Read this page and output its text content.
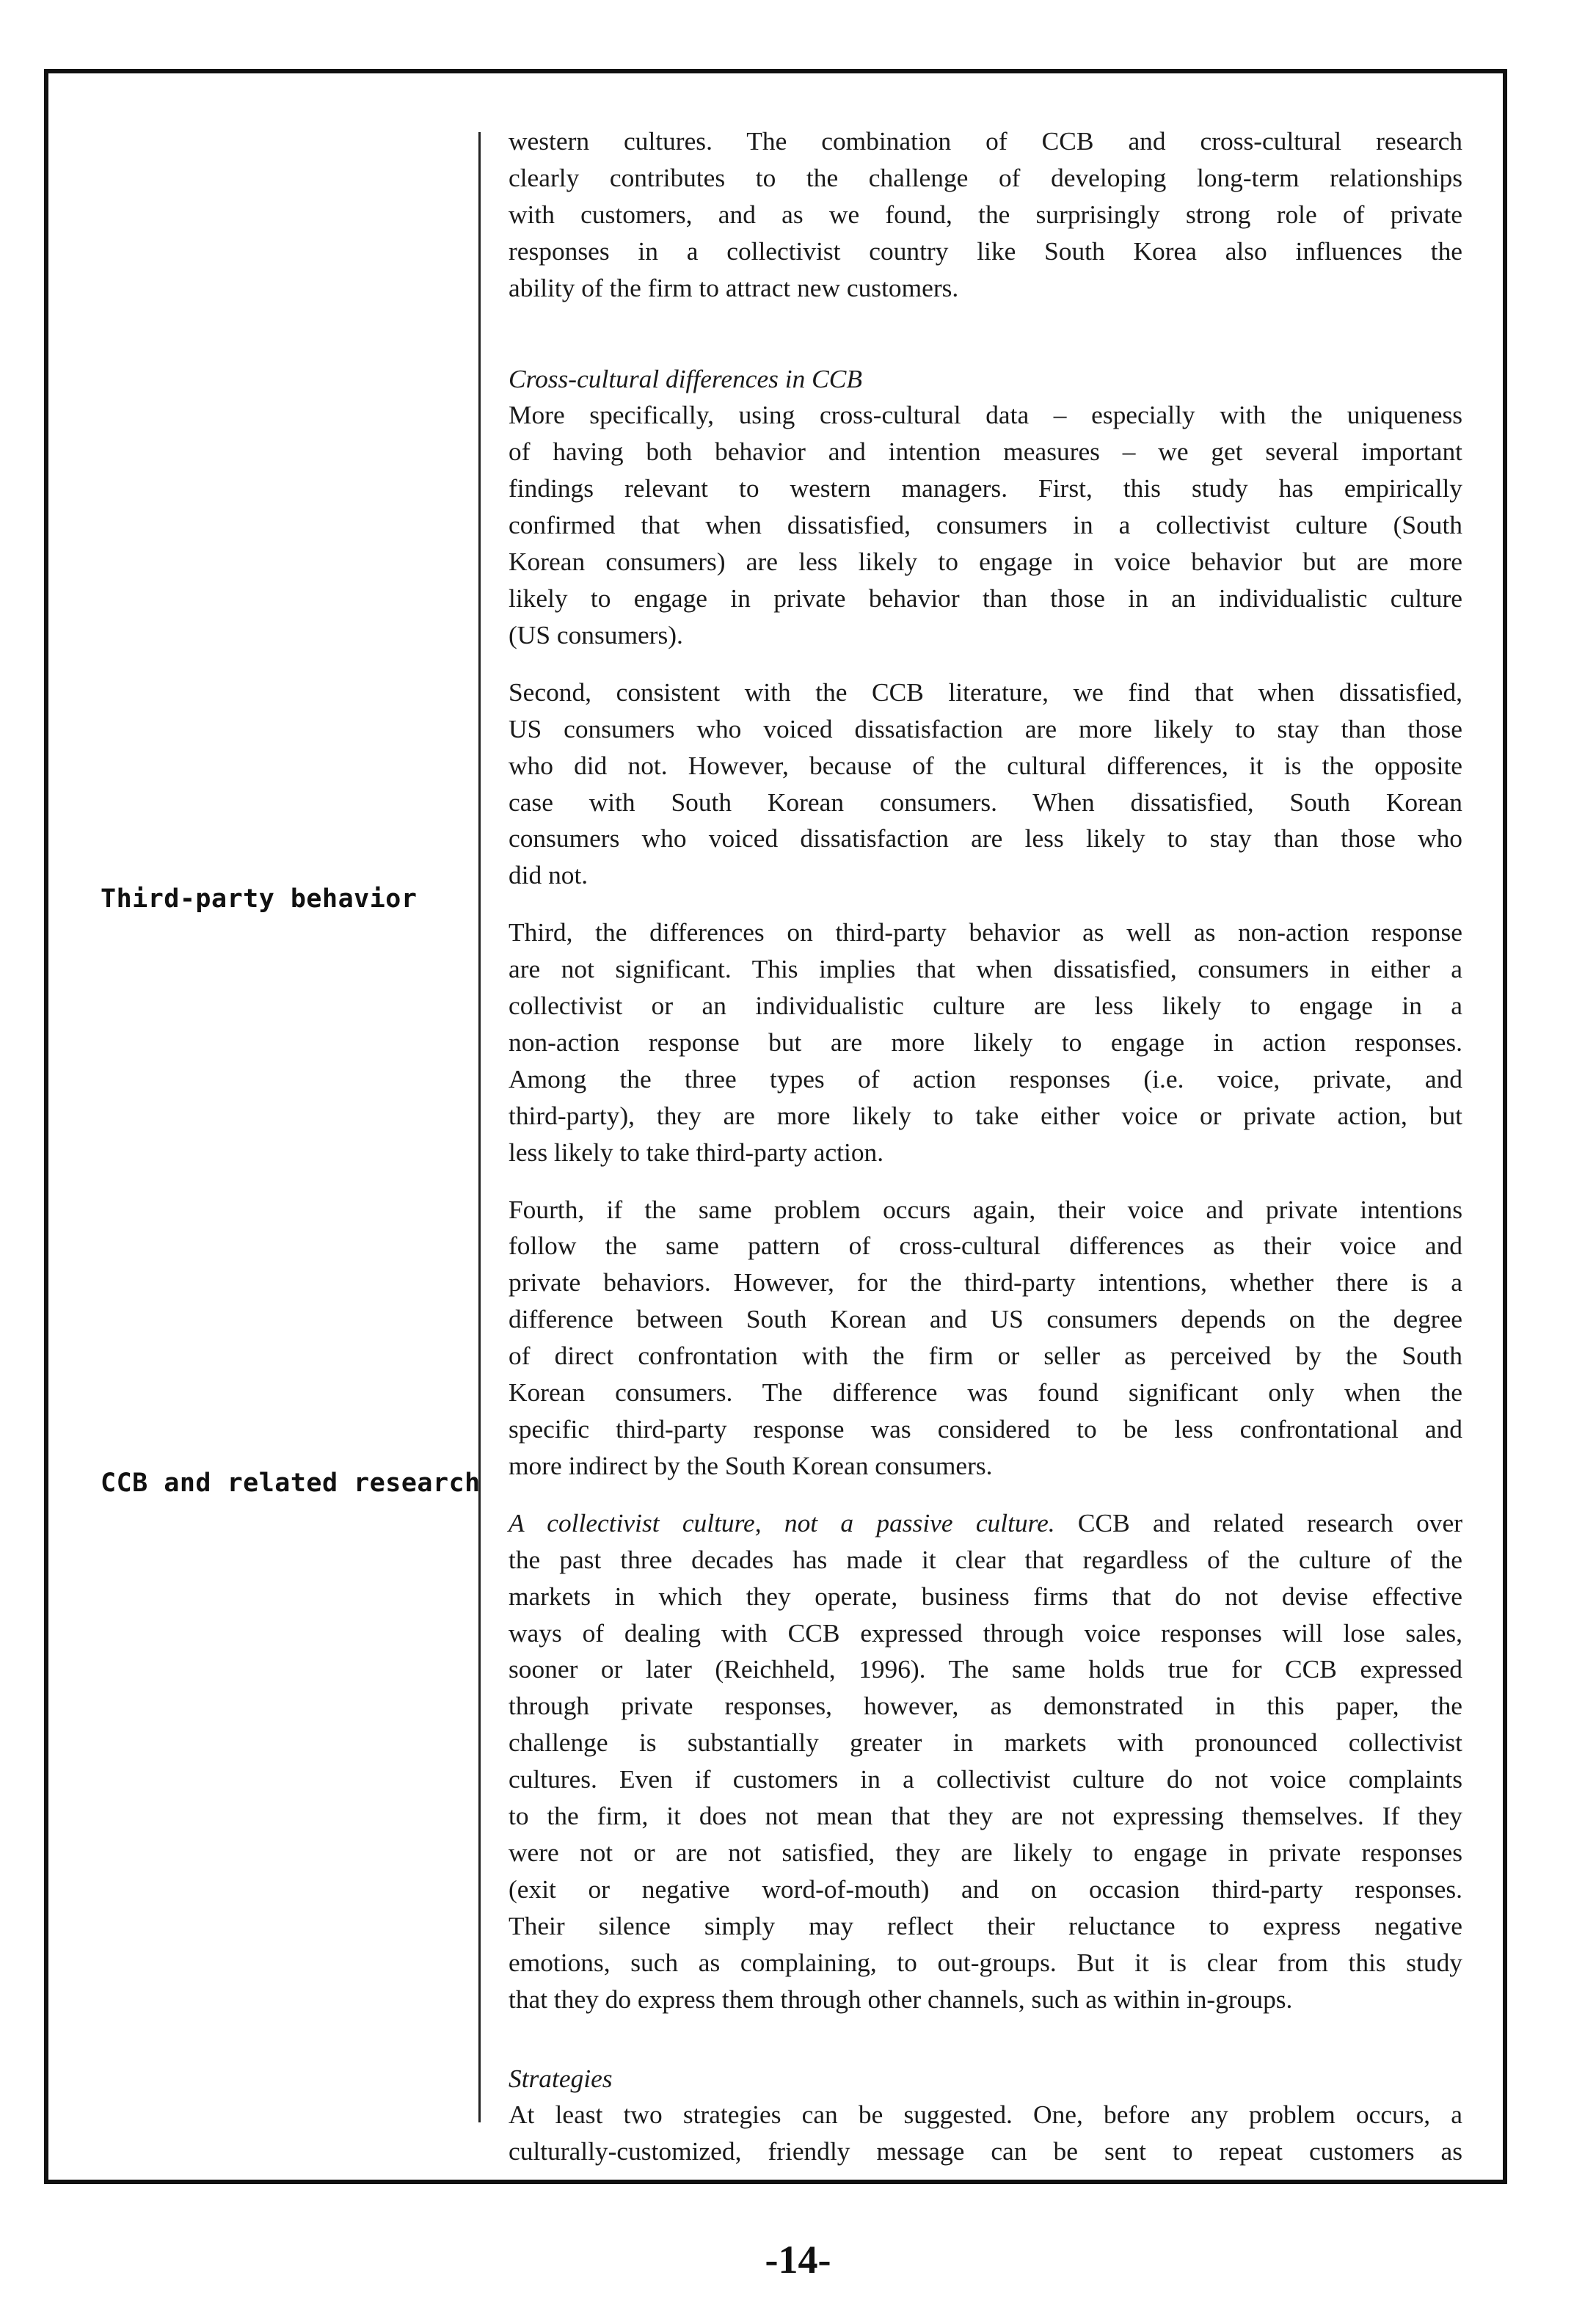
Third-party behavior
CCB and related research

western cultures. The combination of CCB and cross-cultural research
clearly contributes to the challenge of developing long-term relationships
with customers, and as we found, the surprisingly strong role of private
responses in a collectivist country like South Korea also influences the
ability of the firm to attract new customers.

Cross-cultural differences in CCB

More specifically, using cross-cultural data – especially with the uniqueness
of having both behavior and intention measures – we get several important
findings relevant to western managers. First, this study has empirically
confirmed that when dissatisfied, consumers in a collectivist culture (South
Korean consumers) are less likely to engage in voice behavior but are more
likely to engage in private behavior than those in an individualistic culture
(US consumers).

Second, consistent with the CCB literature, we find that when dissatisfied,
US consumers who voiced dissatisfaction are more likely to stay than those
who did not. However, because of the cultural differences, it is the opposite
case with South Korean consumers. When dissatisfied, South Korean
consumers who voiced dissatisfaction are less likely to stay than those who
did not.

Third, the differences on third-party behavior as well as non-action response
are not significant. This implies that when dissatisfied, consumers in either a
collectivist or an individualistic culture are less likely to engage in a
non-action response but are more likely to engage in action responses.
Among the three types of action responses (i.e. voice, private, and
third-party), they are more likely to take either voice or private action, but
less likely to take third-party action.

Fourth, if the same problem occurs again, their voice and private intentions
follow the same pattern of cross-cultural differences as their voice and
private behaviors. However, for the third-party intentions, whether there is a
difference between South Korean and US consumers depends on the degree
of direct confrontation with the firm or seller as perceived by the South
Korean consumers. The difference was found significant only when the
specific third-party response was considered to be less confrontational and
more indirect by the South Korean consumers.

A collectivist culture, not a passive culture. CCB and related research over
the past three decades has made it clear that regardless of the culture of the
markets in which they operate, business firms that do not devise effective
ways of dealing with CCB expressed through voice responses will lose sales,
sooner or later (Reichheld, 1996). The same holds true for CCB expressed
through private responses, however, as demonstrated in this paper, the
challenge is substantially greater in markets with pronounced collectivist
cultures. Even if customers in a collectivist culture do not voice complaints
to the firm, it does not mean that they are not expressing themselves. If they
were not or are not satisfied, they are likely to engage in private responses
(exit or negative word-of-mouth) and on occasion third-party responses.
Their silence simply may reflect their reluctance to express negative
emotions, such as complaining, to out-groups. But it is clear from this study
that they do express them through other channels, such as within in-groups.

Strategies

At least two strategies can be suggested. One, before any problem occurs, a
culturally-customized, friendly message can be sent to repeat customers as

-14-
